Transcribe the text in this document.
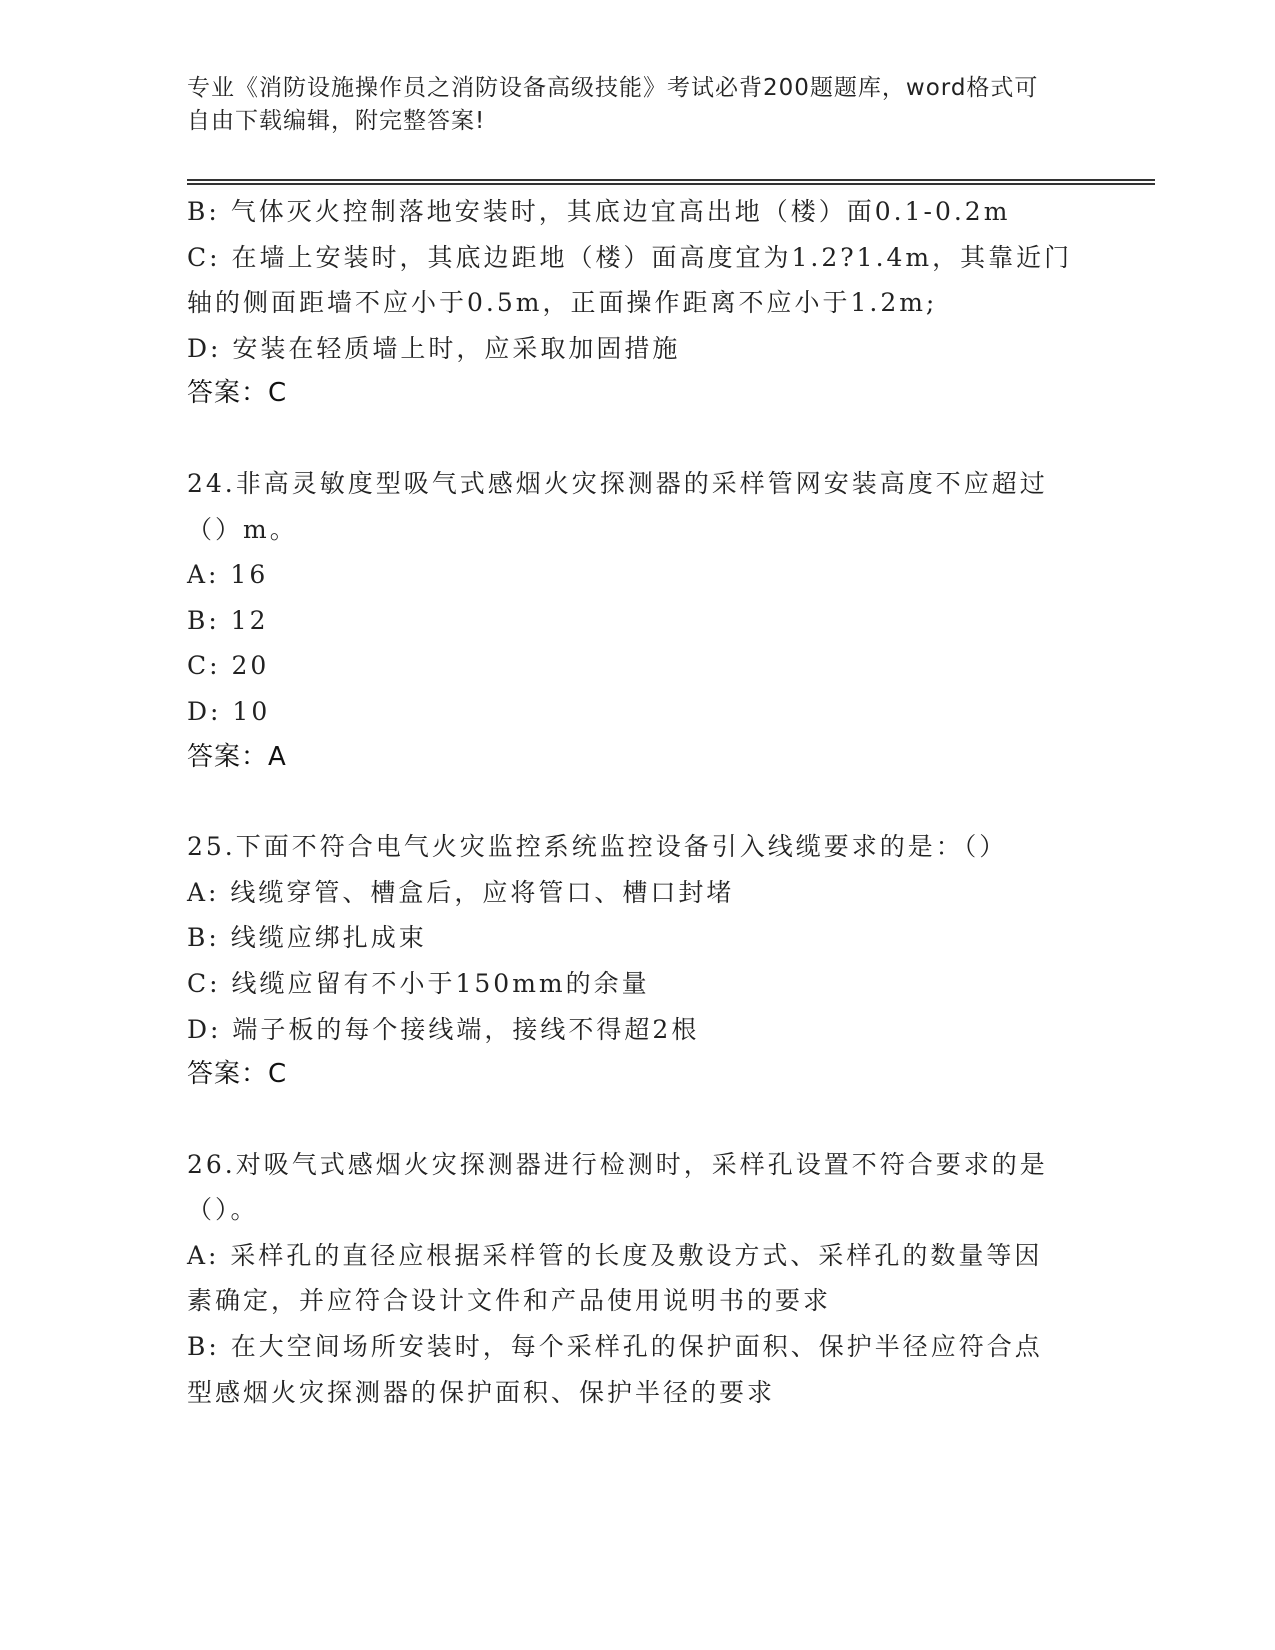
专业《消防设施操作员之消防设备高级技能》考试必背200题题库，word格式可
自由下载编辑，附完整答案!
B: 气体灭火控制落地安装时，其底边宜高出地（楼）面0.1-0.2m
C: 在墙上安装时，其底边距地（楼）面高度宜为1.2?1.4m，其靠近门
轴的侧面距墙不应小于0.5m，正面操作距离不应小于1.2m;
D: 安装在轻质墙上时，应采取加固措施
答案：C
24.非高灵敏度型吸气式感烟火灾探测器的采样管网安装高度不应超过
（）m。
A: 16
B: 12
C: 20
D: 10
答案：A
25.下面不符合电气火灾监控系统监控设备引入线缆要求的是：（）
A: 线缆穿管、槽盒后，应将管口、槽口封堵
B: 线缆应绑扎成束
C: 线缆应留有不小于150mm的余量
D: 端子板的每个接线端，接线不得超2根
答案：C
26.对吸气式感烟火灾探测器进行检测时，采样孔设置不符合要求的是
（）。
A: 采样孔的直径应根据采样管的长度及敷设方式、采样孔的数量等因
素确定，并应符合设计文件和产品使用说明书的要求
B: 在大空间场所安装时，每个采样孔的保护面积、保护半径应符合点
型感烟火灾探测器的保护面积、保护半径的要求
